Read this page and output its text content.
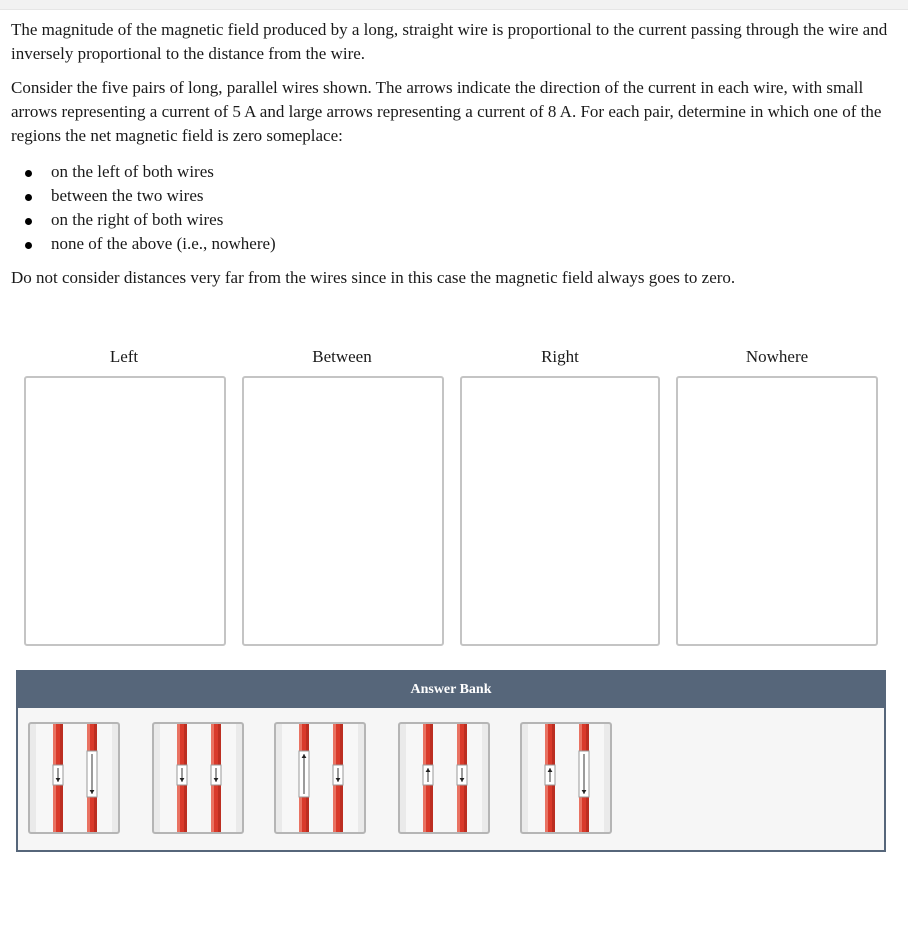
The magnitude of the magnetic field produced by a long, straight wire is proportional to the current passing through the wire and inversely proportional to the distance from the wire.

Consider the five pairs of long, parallel wires shown. The arrows indicate the direction of the current in each wire, with small arrows representing a current of 5 A and large arrows representing a current of 8 A. For each pair, determine in which one of the regions the net magnetic field is zero someplace:

on the left of both wires
between the two wires
on the right of both wires
none of the above (i.e., nowhere)

Do not consider distances very far from the wires since in this case the magnetic field always goes to zero.

Left	Between	Right	Nowhere
Answer Bank
